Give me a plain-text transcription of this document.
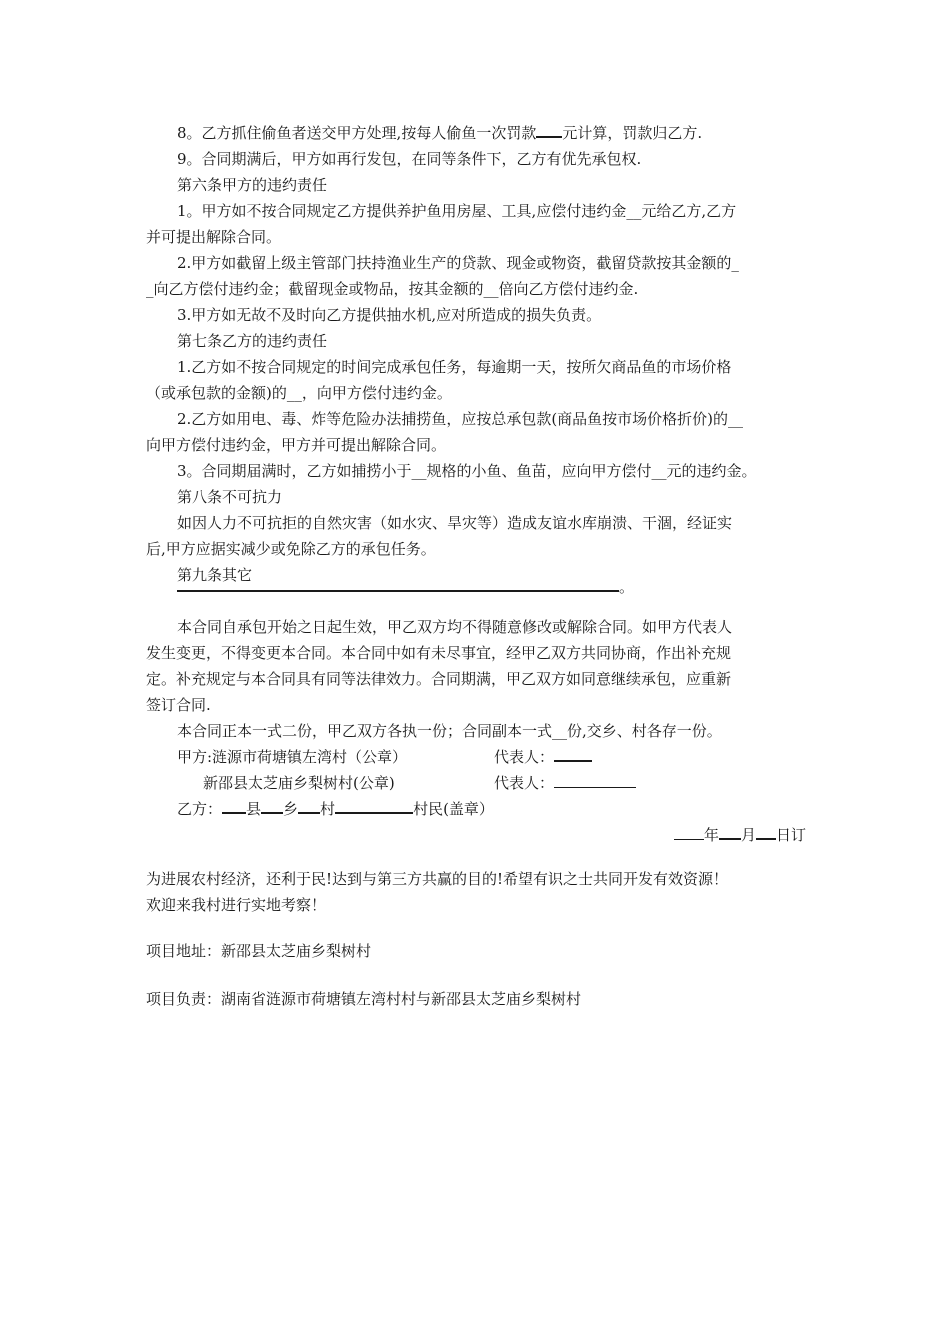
8。乙方抓住偷鱼者送交甲方处理,按每人偷鱼一次罚款 元计算，罚款归乙方.
9。合同期满后，甲方如再行发包，在同等条件下，乙方有优先承包权.
第六条甲方的违约责任
1。甲方如不按合同规定乙方提供养护鱼用房屋、工具,应偿付违约金__元给乙方,乙方
并可提出解除合同。
2.甲方如截留上级主管部门扶持渔业生产的贷款、现金或物资，截留贷款按其金额的_
_向乙方偿付违约金；截留现金或物品，按其金额的__倍向乙方偿付违约金.
3.甲方如无故不及时向乙方提供抽水机,应对所造成的损失负责。
第七条乙方的违约责任
1.乙方如不按合同规定的时间完成承包任务，每逾期一天，按所欠商品鱼的市场价格
（或承包款的金额)的__，向甲方偿付违约金。
2.乙方如用电、毒、炸等危险办法捕捞鱼，应按总承包款(商品鱼按市场价格折价)的__
向甲方偿付违约金，甲方并可提出解除合同。
3。合同期届满时，乙方如捕捞小于__规格的小鱼、鱼苗，应向甲方偿付__元的违约金。
第八条不可抗力
如因人力不可抗拒的自然灾害（如水灾、旱灾等）造成友谊水库崩溃、干涸，经证实
后,甲方应据实减少或免除乙方的承包任务。
第九条其它
。
本合同自承包开始之日起生效，甲乙双方均不得随意修改或解除合同。如甲方代表人
发生变更，不得变更本合同。本合同中如有未尽事宜，经甲乙双方共同协商，作出补充规
定。补充规定与本合同具有同等法律效力。合同期满，甲乙双方如同意继续承包，应重新
签订合同.
本合同正本一式二份，甲乙双方各执一份；合同副本一式__份,交乡、村各存一份。
甲方:涟源市荷塘镇左湾村（公章）	代表人：
新邵县太芝庙乡梨树村(公章)	代表人：
乙方： 县 乡 村	村民(盖章）
年 月 日订
为进展农村经济，还利于民!达到与第三方共赢的目的!希望有识之士共同开发有效资源！
欢迎来我村进行实地考察！
项目地址：新邵县太芝庙乡梨树村
项目负责：湖南省涟源市荷塘镇左湾村村与新邵县太芝庙乡梨树村
